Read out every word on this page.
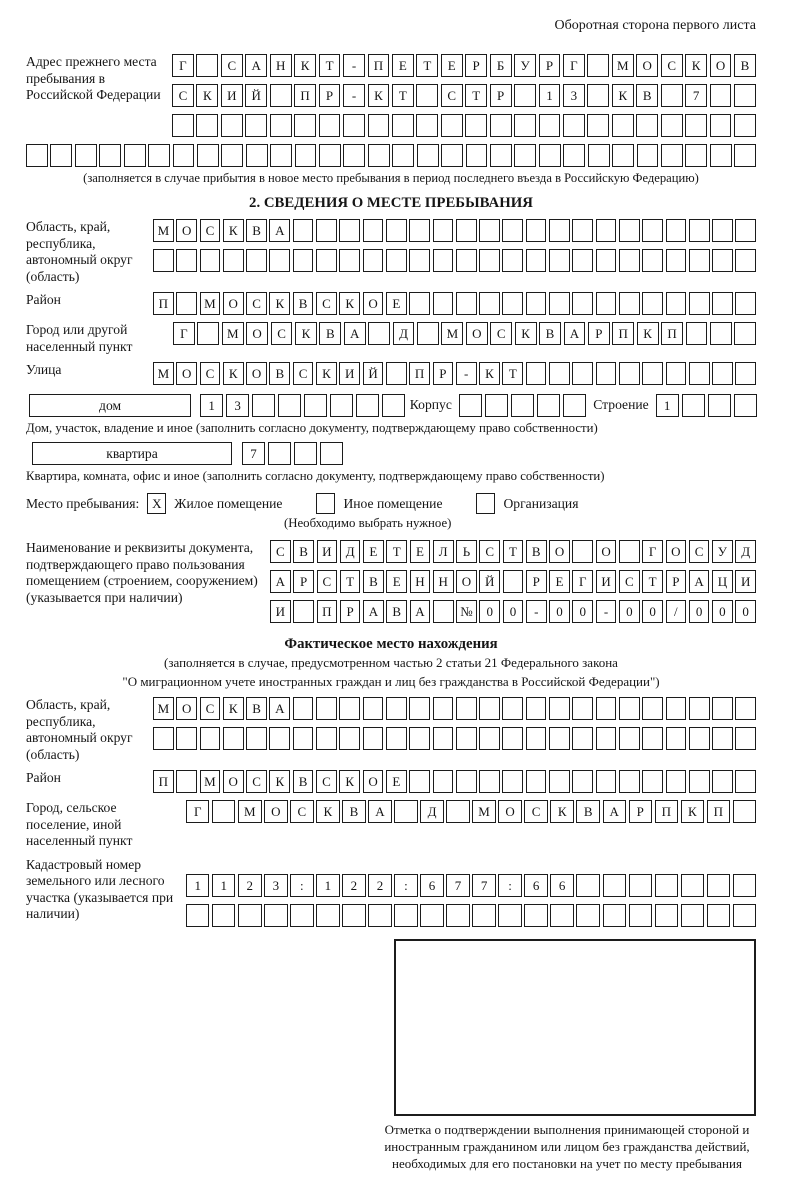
Оборотная сторона первого листа
Адрес прежнего места пребывания в Российской Федерации
Г	С	А	Н	К	Т	-	П	Е	Т	Е	Р	Б	У	Р	Г	М	О	С	К	О	В
С	К	И	Й	П	Р	-	К	Т	С	Т	Р	1	3	К	В	7
(заполняется в случае прибытия в новое место пребывания в период последнего въезда в Российскую Федерацию)
2. СВЕДЕНИЯ О МЕСТЕ ПРЕБЫВАНИЯ
Область, край, республика, автономный округ (область)
М О	С	К	В	А
Район	П	М О	С	К	В	С	К	О	Е
Город или другой населенный пункт
Г	М	О	С	К	В	А	Д	М	О	С	К	В	А	Р	П	К	П
Улица	М О	С	К	О	В	С	К	И	Й	П	Р	-	К	Т
дом	1	3	Корпус	Строение	1
Дом, участок, владение и иное (заполнить согласно документу, подтверждающему право собственности)
квартира	7
Квартира, комната, офис и иное (заполнить согласно документу, подтверждающему право собственности)
Место пребывания: X Жилое помещение	Иное помещение	Организация
(Необходимо выбрать нужное)
Наименование и реквизиты документа, подтверждающего право пользования помещением (строением, сооружением) (указывается при наличии)
С	В	И	Д	Е	Т	Е	Л	Ь	С	Т	В	О	О	Г	О	С	У	Д
А	Р	С	Т	В	Е	Н	Н	О	Й	Р	Е	Г	И	С	Т	Р	А	Ц	И
И	П	Р	А	В	А	№	0	0	-	0	0	-	0	0	/	0	0	0
Фактическое место нахождения
(заполняется в случае, предусмотренном частью 2 статьи 21 Федерального закона
"О миграционном учете иностранных граждан и лиц без гражданства в Российской Федерации")
Область, край, республика, автономный округ (область)
М О	С	К	В	А
Район	П	М О	С	К	В	С	К	О	Е
Город, сельское поселение, иной населенный пункт
Г	М	О	С	К	В	А	Д	М	О	С	К	В	А	Р	П	К	П
Кадастровый номер земельного или лесного участка (указывается при наличии)
1	1	2	3	:	1	2	2	:	6	7	7	:	6	6
Отметка о подтверждении выполнения принимающей стороной и иностранным гражданином или лицом без гражданства действий, необходимых для его постановки на учет по месту пребывания
